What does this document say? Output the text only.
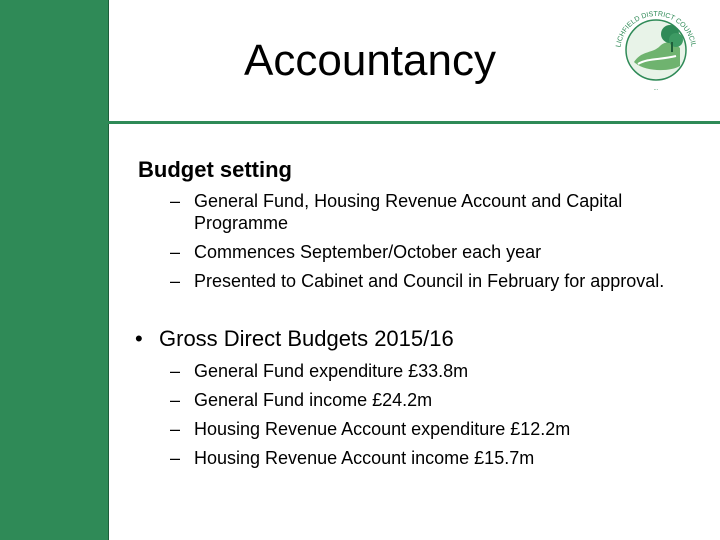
Accountancy	LICHFIELD DISTRICT COUNCIL
...
Budget setting
– General Fund, Housing Revenue Account and Capital Programme
– Commences September/October each year
– Presented to Cabinet and Council in February for approval.
• Gross Direct Budgets 2015/16
– General Fund expenditure £33.8m
– General Fund income £24.2m
– Housing Revenue Account expenditure £12.2m
– Housing Revenue Account income £15.7m
